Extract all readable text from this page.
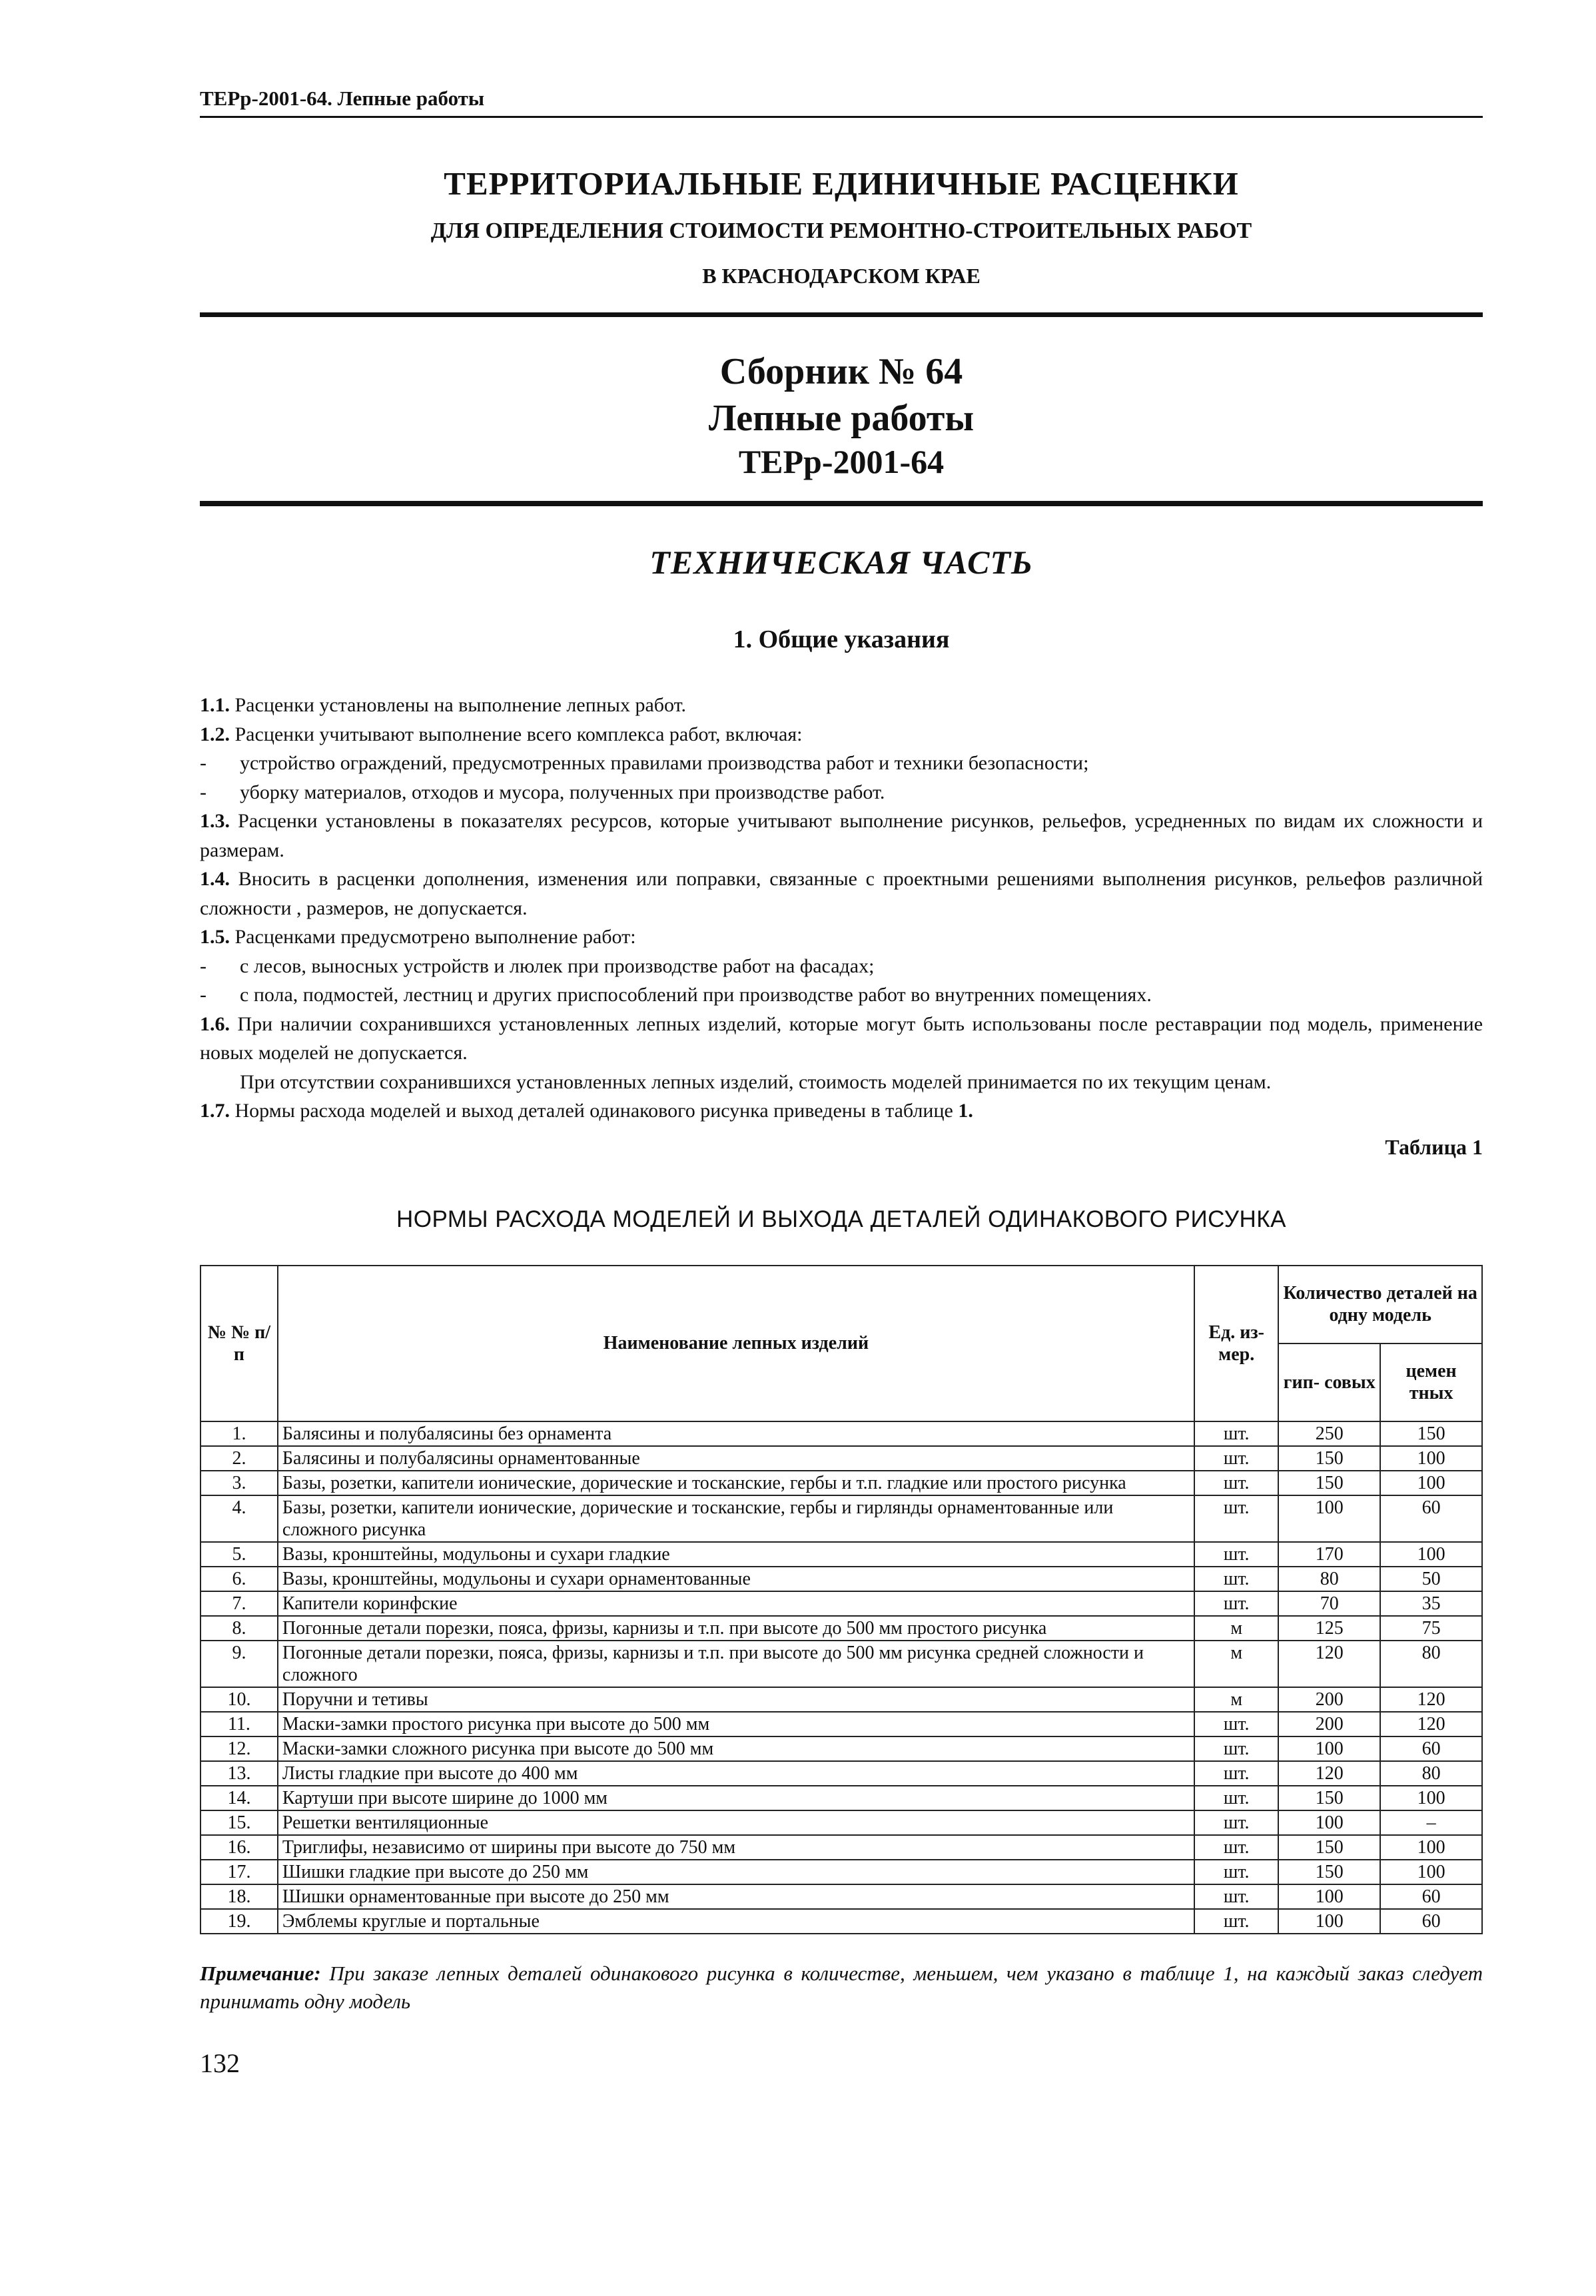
ТЕРр-2001-64. Лепные работы
ТЕРРИТОРИАЛЬНЫЕ ЕДИНИЧНЫЕ РАСЦЕНКИ
ДЛЯ ОПРЕДЕЛЕНИЯ СТОИМОСТИ РЕМОНТНО-СТРОИТЕЛЬНЫХ РАБОТ
В КРАСНОДАРСКОМ КРАЕ
Сборник № 64
Лепные работы
ТЕРр-2001-64
ТЕХНИЧЕСКАЯ ЧАСТЬ
1. Общие указания

1.1. Расценки установлены на выполнение лепных работ.

1.2. Расценки учитывают выполнение всего комплекса работ, включая:

-	устройство ограждений, предусмотренных правилами производства работ и техники безопасности;
-	уборку материалов, отходов и мусора, полученных при производстве работ.

1.3. Расценки установлены в показателях ресурсов, которые учитывают выполнение рисунков, рельефов, усредненных по видам их сложности и размерам.

1.4. Вносить в расценки дополнения, изменения или поправки, связанные с проектными решениями выполнения рисунков, рельефов различной сложности , размеров, не допускается.

1.5. Расценками предусмотрено выполнение работ:

-	с лесов, выносных устройств и люлек при производстве работ на фасадах;
-	с пола, подмостей, лестниц и других приспособлений при производстве работ во внутренних помещениях.

1.6. При наличии сохранившихся установленных лепных изделий, которые могут быть использованы после реставрации под модель, применение новых моделей не допускается.

При отсутствии сохранившихся установленных лепных изделий, стоимость моделей принимается по их текущим ценам.

1.7. Нормы расхода моделей и выход деталей одинакового рисунка приведены в таблице 1.

Таблица 1
НОРМЫ РАСХОДА МОДЕЛЕЙ И ВЫХОДА ДЕТАЛЕЙ ОДИНАКОВОГО РИСУНКА
№ № п/п	Наименование лепных изделий	Ед. из- мер.	Количество деталей на одну модель	
			гип- совых	цемен тных
1.	Балясины и полубалясины без орнамента	шт.	250	150
2.	Балясины и полубалясины орнаментованные	шт.	150	100
3.	Базы, розетки, капители ионические, дорические и тосканские, гербы и т.п. гладкие или простого рисунка	шт.	150	100
4.	Базы, розетки, капители ионические, дорические и тосканские, гербы и гирлянды орнаментованные или сложного рисунка	шт.	100	60
5.	Вазы, кронштейны, модульоны и сухари гладкие	шт.	170	100
6.	Вазы, кронштейны, модульоны и сухари орнаментованные	шт.	80	50
7.	Капители коринфские	шт.	70	35
8.	Погонные детали порезки, пояса, фризы, карнизы и т.п. при высоте до 500 мм простого рисунка	м	125	75
9.	Погонные детали порезки, пояса, фризы, карнизы и т.п. при высоте до 500 мм рисунка средней сложности и сложного	м	120	80
10.	Поручни и тетивы	м	200	120
11.	Маски-замки простого рисунка при высоте до 500 мм	шт.	200	120
12.	Маски-замки сложного рисунка при высоте до 500 мм	шт.	100	60
13.	Листы гладкие при высоте до 400 мм	шт.	120	80
14.	Картуши при высоте ширине до 1000 мм	шт.	150	100
15.	Решетки вентиляционные	шт.	100	–
16.	Триглифы, независимо от ширины при высоте до 750 мм	шт.	150	100
17.	Шишки гладкие при высоте до 250 мм	шт.	150	100
18.	Шишки орнаментованные при высоте до 250 мм	шт.	100	60
19.	Эмблемы круглые и портальные	шт.	100	60
Примечание: При заказе лепных деталей одинакового рисунка в количестве, меньшем, чем указано в таблице 1, на каждый заказ следует принимать одну модель
132
